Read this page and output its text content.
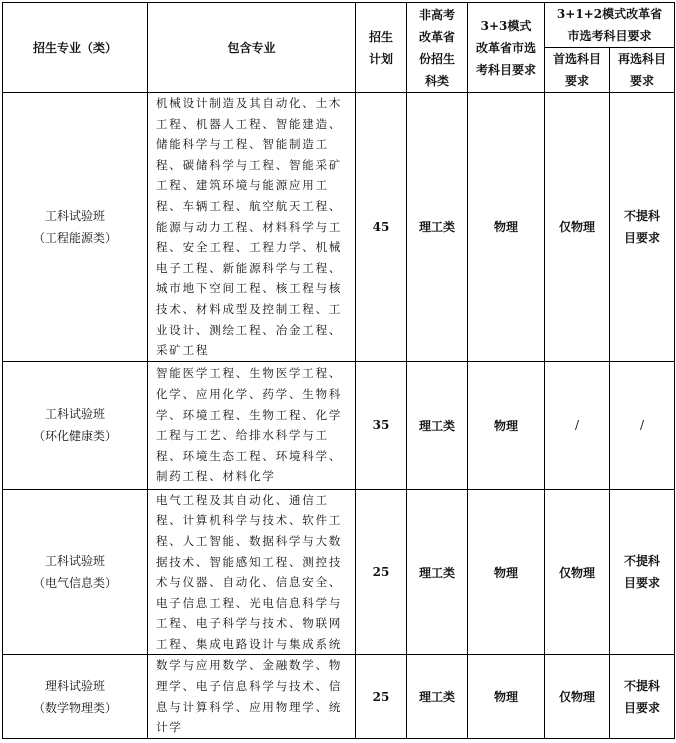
招生专业（类）	包含专业	招生计划	非高考改革省份招生科类	3+3模式改革省市选考科目要求	3+1+2模式改革省市选考科目要求	
					首选科目要求	再选科目要求

工科试验班
（工程能源类）	机械设计制造及其自动化、土木工程、机器人工程、智能建造、储能科学与工程、智能制造工程、碳储科学与工程、智能采矿工程、建筑环境与能源应用工程、车辆工程、航空航天工程、能源与动力工程、材料科学与工程、安全工程、工程力学、机械电子工程、新能源科学与工程、城市地下空间工程、核工程与核技术、材料成型及控制工程、工业设计、测绘工程、冶金工程、采矿工程	45	理工类	物理	仅物理	不提科目要求

工科试验班
（环化健康类）	智能医学工程、生物医学工程、化学、应用化学、药学、生物科学、环境工程、生物工程、化学工程与工艺、给排水科学与工程、环境生态工程、环境科学、制药工程、材料化学	35	理工类	物理	/	/

工科试验班
（电气信息类）	电气工程及其自动化、通信工程、计算机科学与技术、软件工程、人工智能、数据科学与大数据技术、智能感知工程、测控技术与仪器、自动化、信息安全、电子信息工程、光电信息科学与工程、电子科学与技术、物联网工程、集成电路设计与集成系统	25	理工类	物理	仅物理	不提科目要求

理科试验班
（数学物理类）	数学与应用数学、金融数学、物理学、电子信息科学与技术、信息与计算科学、应用物理学、统计学	25	理工类	物理	仅物理	不提科目要求
